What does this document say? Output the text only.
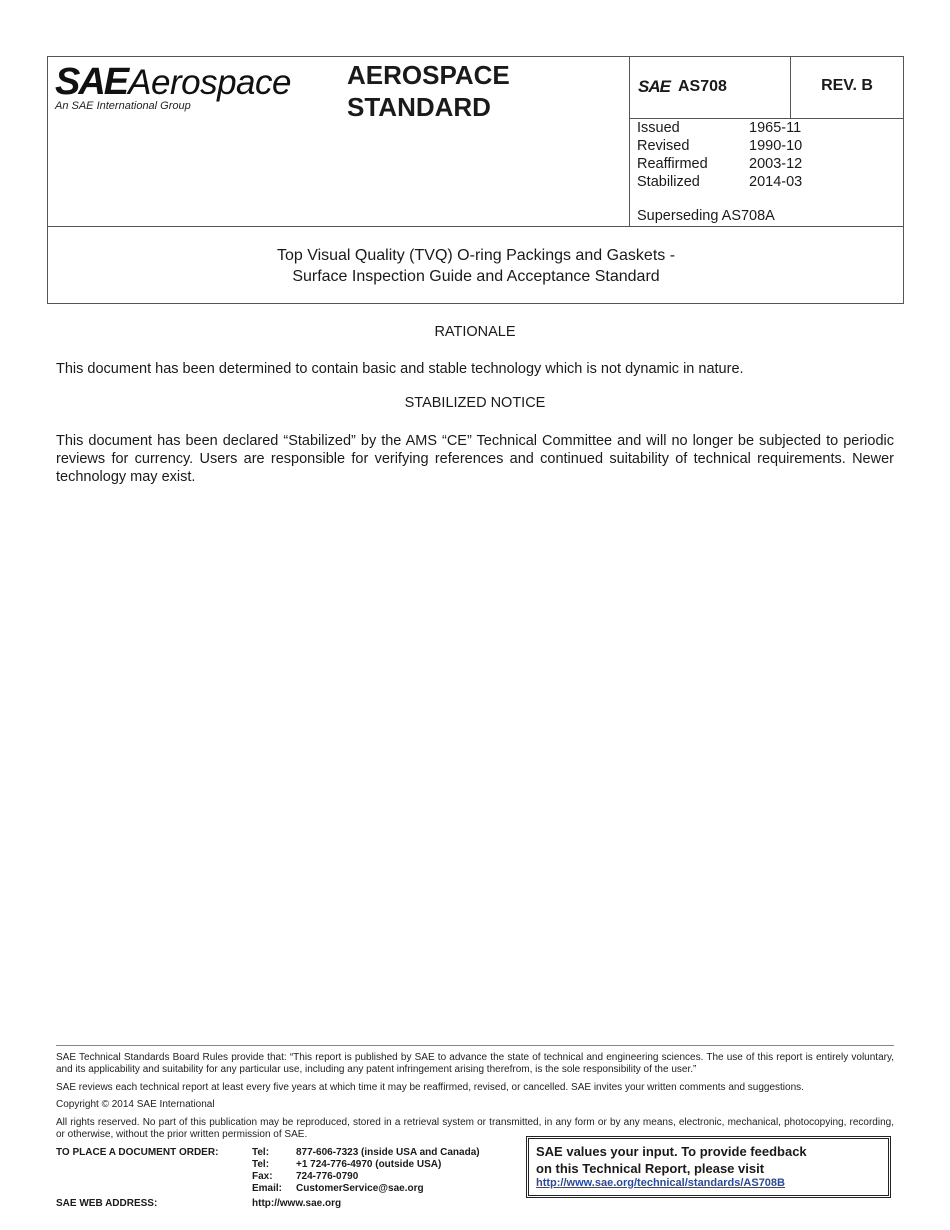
SAE Aerospace
An SAE International Group
AEROSPACE
STANDARD
SAE AS708	REV. B
Issued	1965-11
Revised	1990-10
Reaffirmed	2003-12
Stabilized	2014-03
Superseding AS708A
Top Visual Quality (TVQ) O-ring Packings and Gaskets -
Surface Inspection Guide and Acceptance Standard
RATIONALE
This document has been determined to contain basic and stable technology which is not dynamic in nature.
STABILIZED NOTICE
This document has been declared “Stabilized” by the AMS “CE” Technical Committee and will no longer be subjected to periodic reviews for currency. Users are responsible for verifying references and continued suitability of technical requirements. Newer technology may exist.
SAE Technical Standards Board Rules provide that: “This report is published by SAE to advance the state of technical and engineering sciences. The use of this report is entirely voluntary, and its applicability and suitability for any particular use, including any patent infringement arising therefrom, is the sole responsibility of the user.”
SAE reviews each technical report at least every five years at which time it may be reaffirmed, revised, or cancelled. SAE invites your written comments and suggestions.
Copyright © 2014 SAE International
All rights reserved. No part of this publication may be reproduced, stored in a retrieval system or transmitted, in any form or by any means, electronic, mechanical, photocopying, recording, or otherwise, without the prior written permission of SAE.
TO PLACE A DOCUMENT ORDER:	Tel:	877-606-7323 (inside USA and Canada)
Tel:	+1 724-776-4970 (outside USA)
Fax:	724-776-0790
Email:	CustomerService@sae.org
SAE WEB ADDRESS:	http://www.sae.org
SAE values your input. To provide feedback
on this Technical Report, please visit
http://www.sae.org/technical/standards/AS708B
